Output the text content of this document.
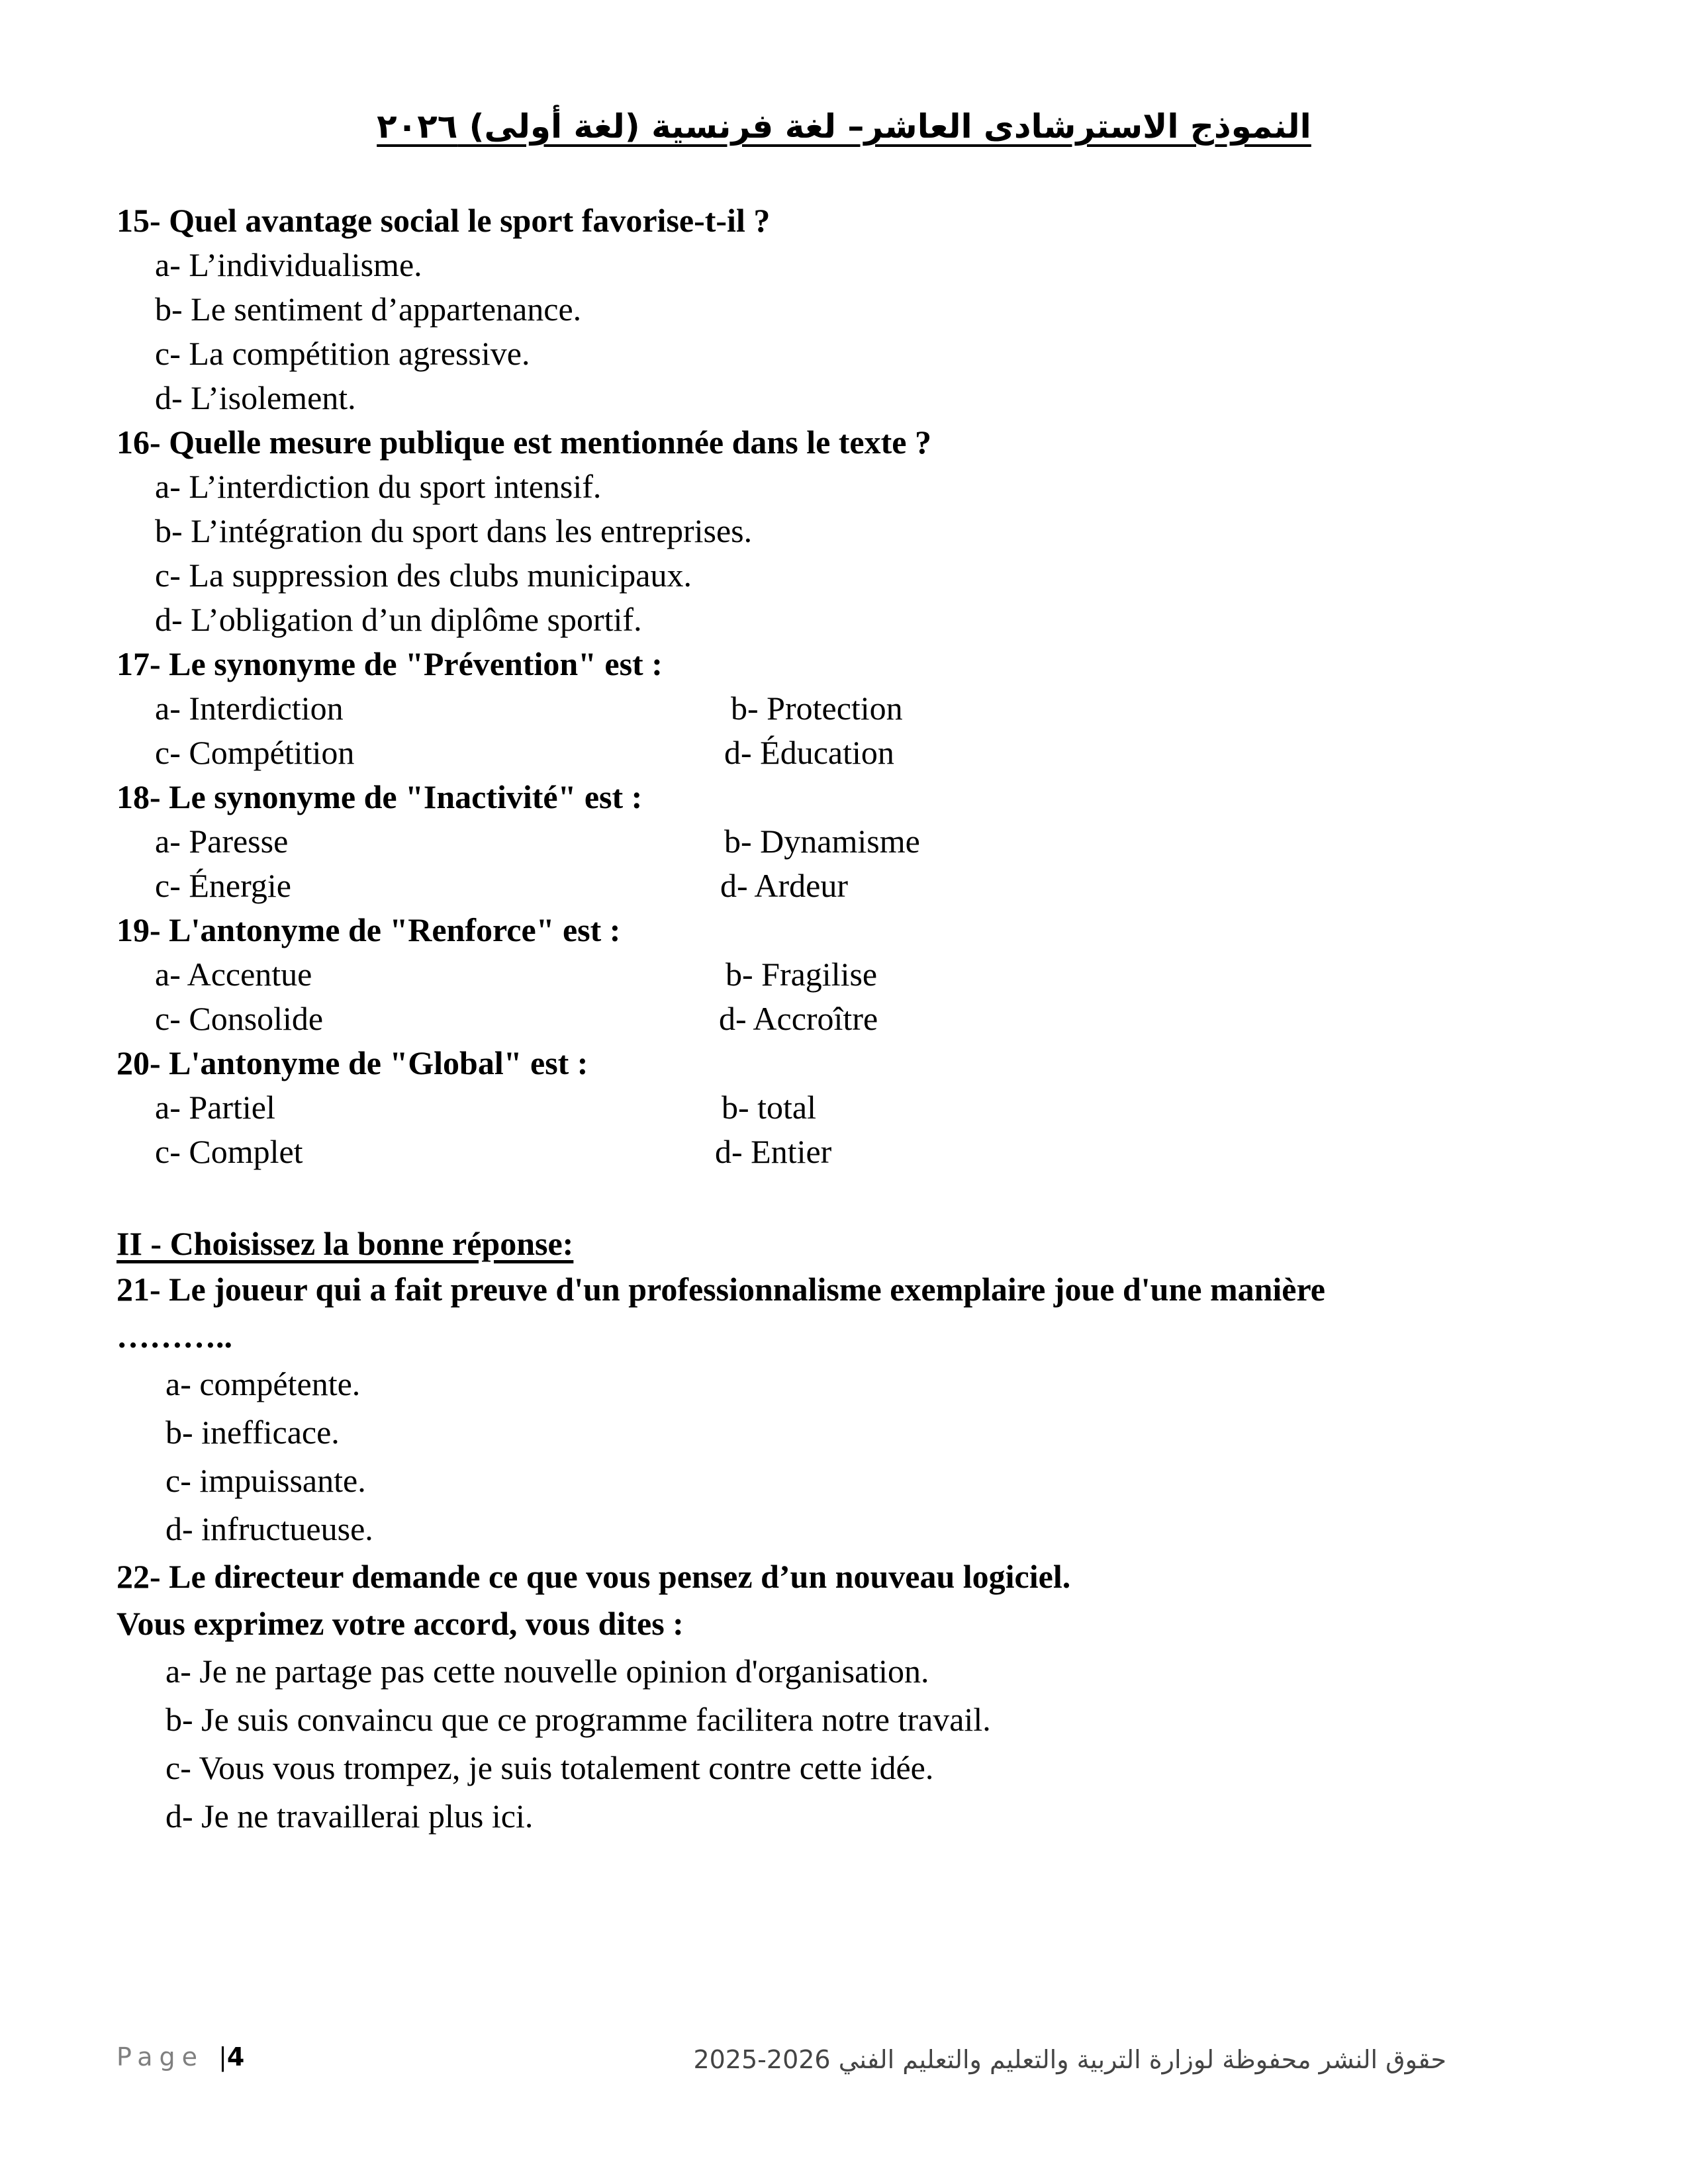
النموذج الاسترشادى العاشر– لغة فرنسية (لغة أولى) ٢٠٢٦
15- Quel avantage social le sport favorise-t-il ?
a- L’individualisme.
b- Le sentiment d’appartenance.
c- La compétition agressive.
d- L’isolement.
16- Quelle mesure publique est mentionnée dans le texte ?
a- L’interdiction du sport intensif.
b- L’intégration du sport dans les entreprises.
c- La suppression des clubs municipaux.
d- L’obligation d’un diplôme sportif.
17- Le synonyme de "Prévention" est :
a- Interdiction	b- Protection
c- Compétition	d- Éducation
18- Le synonyme de "Inactivité" est :
a- Paresse	b- Dynamisme
c- Énergie	d- Ardeur
19- L'antonyme de "Renforce" est :
a- Accentue	b- Fragilise
c- Consolide	d- Accroître
20- L'antonyme de "Global" est :
a- Partiel	b- total
c- Complet	d- Entier
II - Choisissez la bonne réponse:
21- Le joueur qui a fait preuve d'un professionnalisme exemplaire joue d'une manière ………..
a- compétente.
b- inefficace.
c- impuissante.
d- infructueuse.
22- Le directeur demande ce que vous pensez d’un nouveau logiciel.
Vous exprimez votre accord, vous dites :
a- Je ne partage pas cette nouvelle opinion d'organisation.
b- Je suis convaincu que ce programme facilitera notre travail.
c- Vous vous trompez, je suis totalement contre cette idée.
d- Je ne travaillerai plus ici.
Page |4	حقوق النشر محفوظة لوزارة التربية والتعليم والتعليم الفني 2026-2025
